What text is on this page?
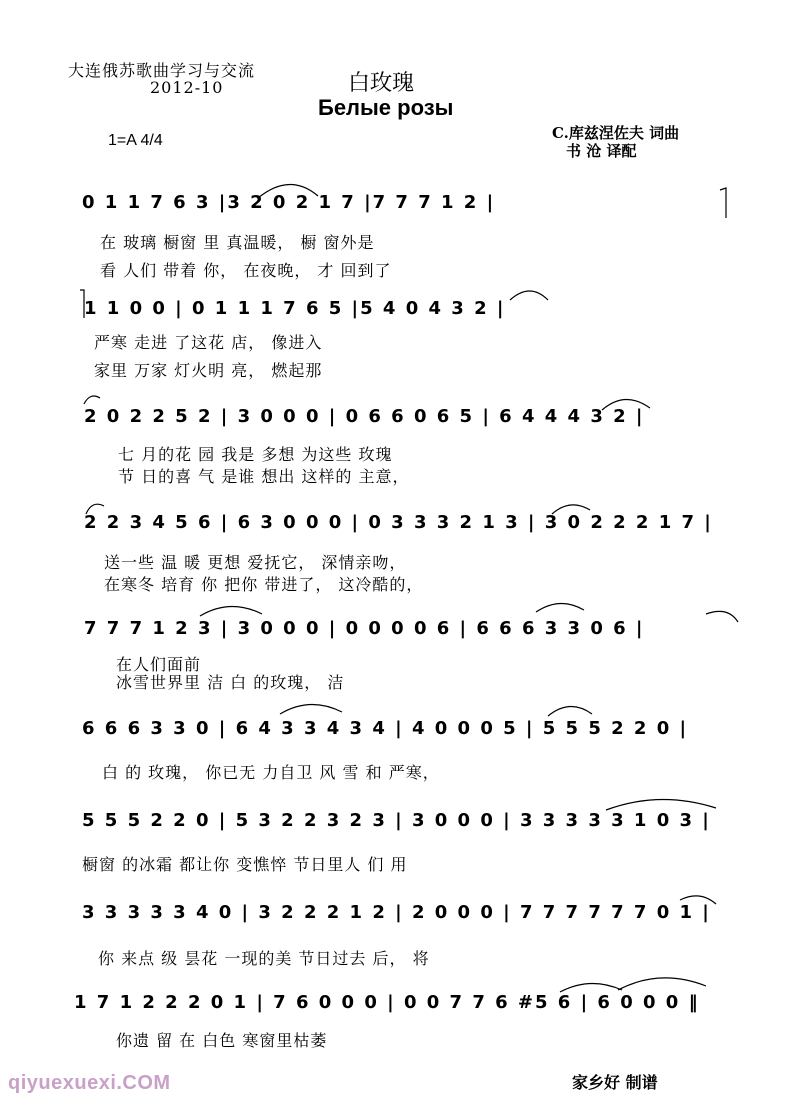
大连俄苏歌曲学习与交流
2012-10	白玫瑰
Белые розы
1=A 4/4	C.库兹涅佐夫 词曲
书 沧 译配
0 1 1 7 6 3 |3 2 0 2 1 7 |7 7 7 1 2 |
在 玻璃 橱窗 里 真温暖， 橱 窗外是
看 人们 带着 你， 在夜晚， 才 回到了
1 1 0 0 | 0 1 1 1 7 6 5 |5 4 0 4 3 2 |
严寒 走进 了这花 店， 像进入
家里 万家 灯火明 亮， 燃起那
2 0 2 2 5 2 | 3 0 0 0 | 0 6 6 0 6 5 | 6 4 4 4 3 2 |
七 月的花 园 我是 多想 为这些 玫瑰
节 日的喜 气 是谁 想出 这样的 主意，
2 2 3 4 5 6 | 6 3 0 0 0 | 0 3 3 3 2 1 3 | 3 0 2 2 2 1 7 |
送一些 温 暖 更想 爱抚它， 深情亲吻，
在寒冬 培育 你 把你 带进了， 这冷酷的，
7 7 7 1 2 3 | 3 0 0 0 | 0 0 0 0 6 | 6 6 6 3 3 0 6 |
在人们面前
冰雪世界里 洁 白 的玫瑰， 洁
6 6 6 3 3 0 | 6 4 3 3 4 3 4 | 4 0 0 0 5 | 5 5 5 2 2 0 |
白 的 玫瑰， 你已无 力自卫 风 雪 和 严寒，
5 5 5 2 2 0 | 5 3 2 2 3 2 3 | 3 0 0 0 | 3 3 3 3 3 1 0 3 |
橱窗 的冰霜 都让你 变憔悴 节日里人 们 用
3 3 3 3 3 4 0 | 3 2 2 2 1 2 | 2 0 0 0 | 7 7 7 7 7 7 0 1 |
你 来点 级 昙花 一现的美 节日过去 后， 将
1 7 1 2 2 2 0 1 | 7 6 0 0 0 | 0 0 7 7 6 #5 6 | 6 0 0 0 ‖
你遗 留 在 白色 寒窗里枯萎
家乡好 制谱
qiyuexuexi.COM
